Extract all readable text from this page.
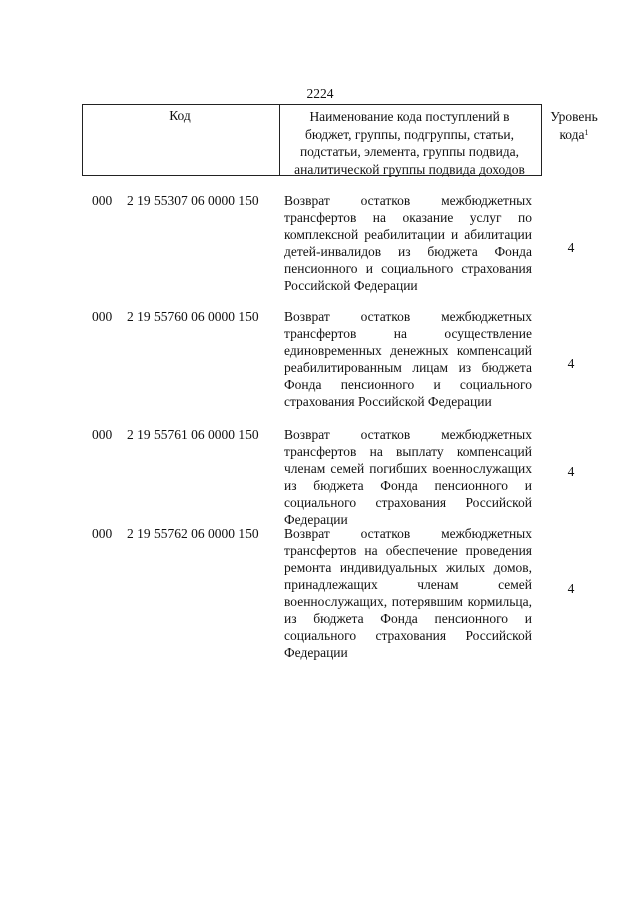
2224
Код	Наименование кода поступлений в
бюджет, группы, подгруппы, статьи,
подстатьи, элемента, группы подвида,
аналитической группы подвида доходов
Уровень
кода$^1$
000 2 19 55307 06 0000 150 Возврат остатков межбюджетных трансфертов на оказание услуг по комплексной реабилитации и абилитации детей-инвалидов из бюджета Фонда пенсионного и социального страхования Российской Федерации
4
000 2 19 55760 06 0000 150 Возврат остатков межбюджетных трансфертов на осуществление единовременных денежных компенсаций реабилитированным лицам из бюджета Фонда пенсионного и социального страхования Российской Федерации
4
000 2 19 55761 06 0000 150 Возврат остатков межбюджетных трансфертов на выплату компенсаций членам семей погибших военнослужащих из бюджета Фонда пенсионного и социального страхования Российской Федерации
4
000 2 19 55762 06 0000 150 Возврат остатков межбюджетных трансфертов на обеспечение проведения ремонта индивидуальных жилых домов, принадлежащих членам семей военнослужащих, потерявшим кормильца, из бюджета Фонда пенсионного и социального страхования Российской Федерации
4
